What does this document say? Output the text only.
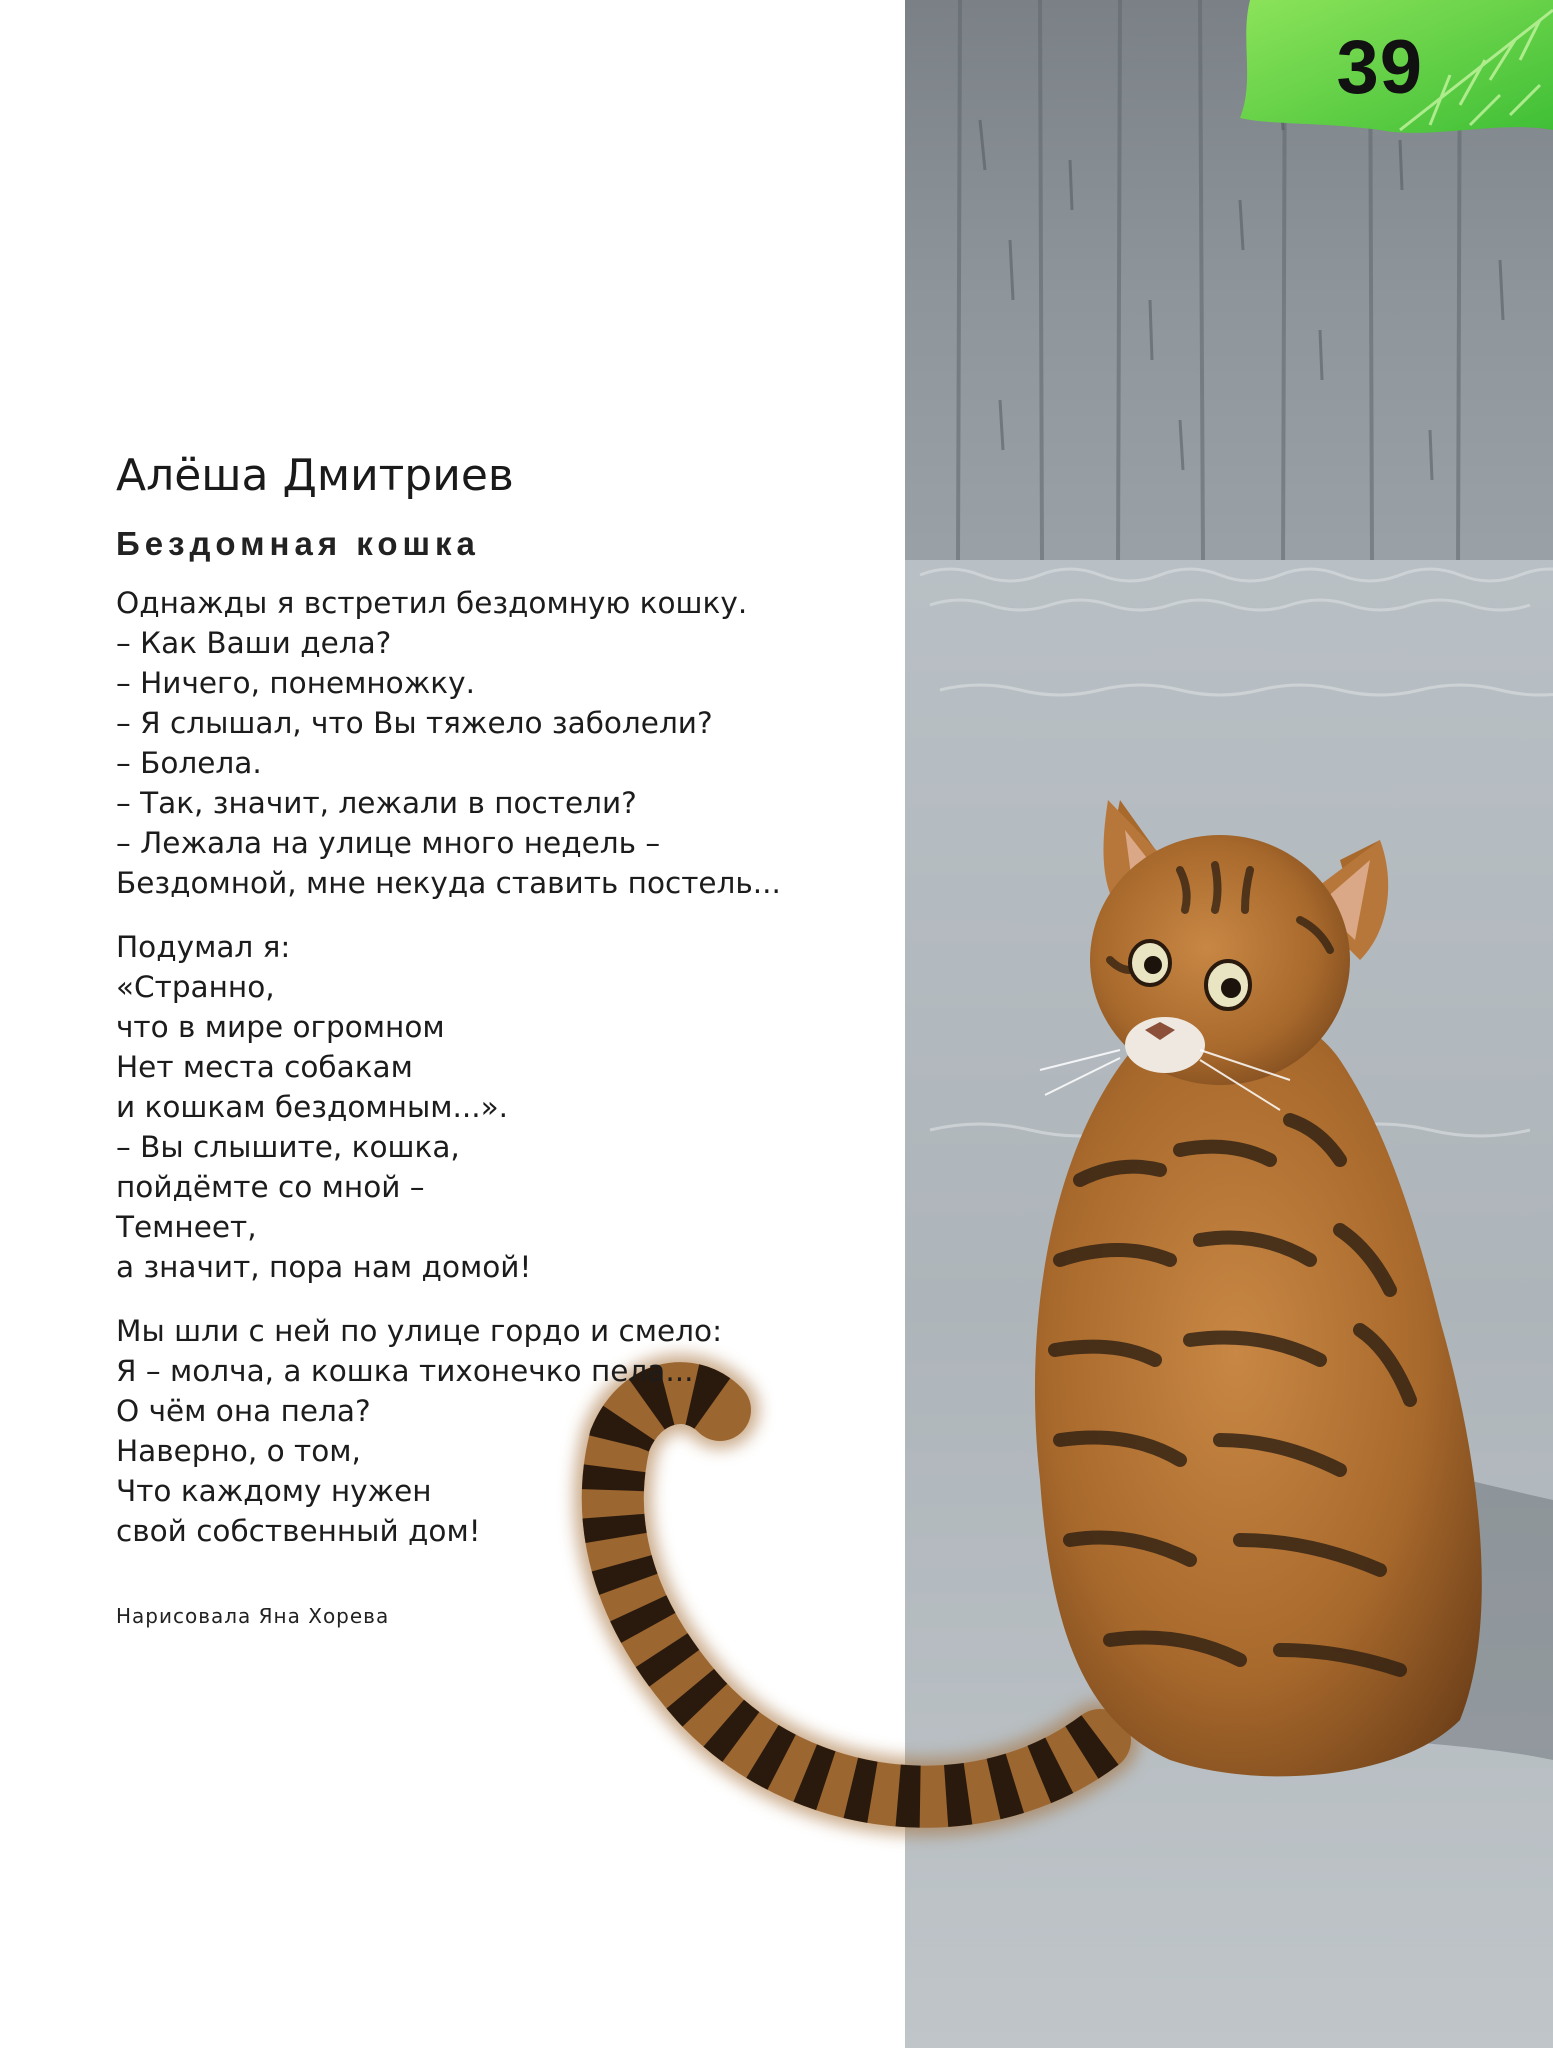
39
Алёша Дмитриев
Бездомная кошка
Однажды я встретил бездомную кошку.
– Как Ваши дела?
– Ничего, понемножку.
– Я слышал, что Вы тяжело заболели?
– Болела.
– Так, значит, лежали в постели?
– Лежала на улице много недель –
Бездомной, мне некуда ставить постель...
Подумал я:
«Странно,
что в мире огромном
Нет места собакам
и кошкам бездомным...».
– Вы слышите, кошка,
пойдёмте со мной –
Темнеет,
а значит, пора нам домой!
Мы шли с ней по улице гордо и смело:
Я – молча, а кошка тихонечко пела...
О чём она пела?
Наверно, о том,
Что каждому нужен
свой собственный дом!
Нарисовала Яна Хорева
